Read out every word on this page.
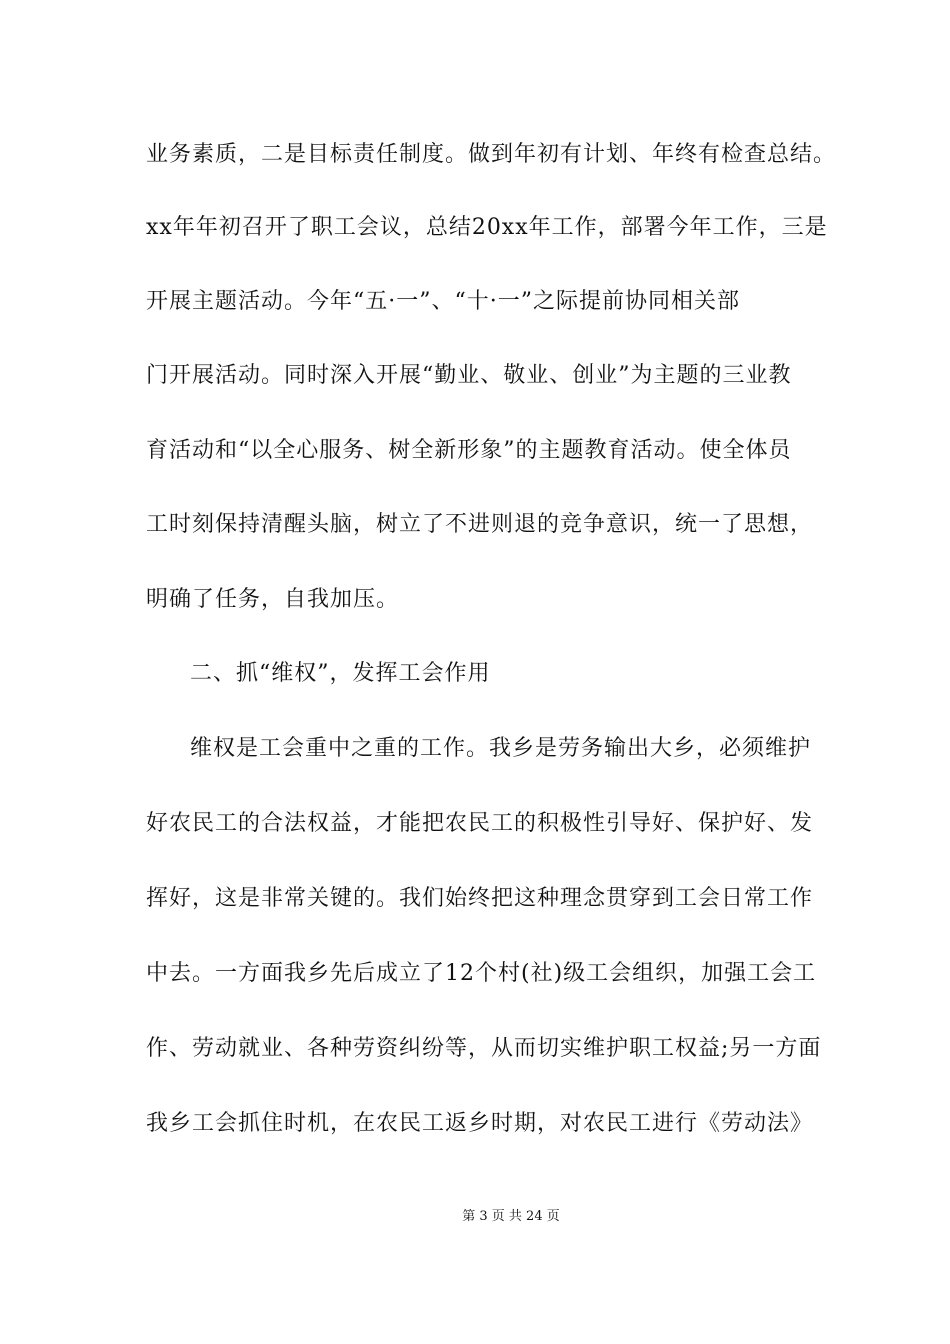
业务素质，二是目标责任制度。做到年初有计划、年终有检查总结。
xx年年初召开了职工会议，总结20xx年工作，部署今年工作，三是
开展主题活动。今年“五·一”、“十·一”之际提前协同相关部
门开展活动。同时深入开展“勤业、敬业、创业”为主题的三业教
育活动和“以全心服务、树全新形象”的主题教育活动。使全体员
工时刻保持清醒头脑，树立了不进则退的竞争意识，统一了思想，
明确了任务，自我加压。
二、抓“维权”，发挥工会作用
维权是工会重中之重的工作。我乡是劳务输出大乡，必须维护
好农民工的合法权益，才能把农民工的积极性引导好、保护好、发
挥好，这是非常关键的。我们始终把这种理念贯穿到工会日常工作
中去。一方面我乡先后成立了12个村(社)级工会组织，加强工会工
作、劳动就业、各种劳资纠纷等，从而切实维护职工权益;另一方面
我乡工会抓住时机，在农民工返乡时期，对农民工进行《劳动法》
第 3 页 共 24 页
